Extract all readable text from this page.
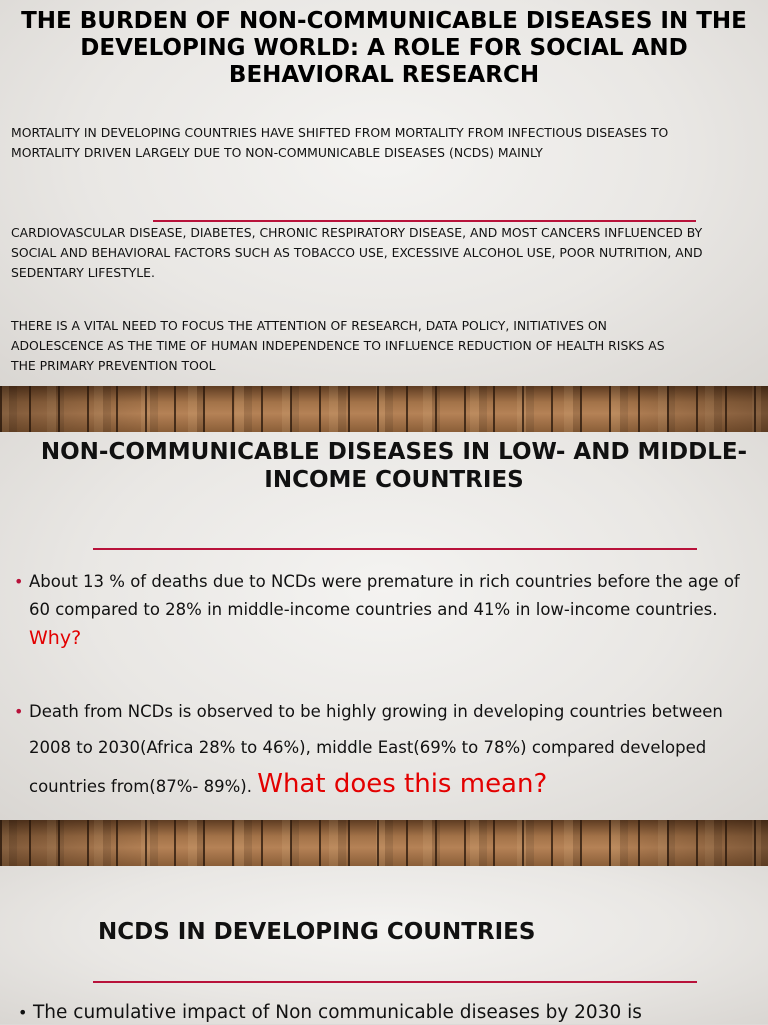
THE BURDEN OF NON-COMMUNICABLE DISEASES IN THE DEVELOPING WORLD: A ROLE FOR SOCIAL AND BEHAVIORAL RESEARCH

MORTALITY IN DEVELOPING COUNTRIES HAVE SHIFTED FROM MORTALITY FROM INFECTIOUS DISEASES TO MORTALITY DRIVEN LARGELY DUE TO NON-COMMUNICABLE DISEASES (NCDS) MAINLY

CARDIOVASCULAR DISEASE, DIABETES, CHRONIC RESPIRATORY DISEASE, AND MOST CANCERS INFLUENCED BY SOCIAL AND BEHAVIORAL FACTORS SUCH AS TOBACCO USE, EXCESSIVE ALCOHOL USE, POOR NUTRITION, AND SEDENTARY LIFESTYLE.

THERE IS A VITAL NEED TO FOCUS THE ATTENTION OF RESEARCH, DATA POLICY, INITIATIVES ON ADOLESCENCE AS THE TIME OF HUMAN INDEPENDENCE TO INFLUENCE REDUCTION OF HEALTH RISKS AS THE PRIMARY PREVENTION TOOL

NON-COMMUNICABLE DISEASES IN LOW- AND MIDDLE-INCOME COUNTRIES
• About 13 % of deaths due to NCDs were premature in rich countries before the age of 60 compared to 28% in middle-income countries and 41% in low-income countries. Why?
• Death from NCDs is observed to be highly growing in developing countries between 2008 to 2030(Africa 28% to 46%), middle East(69% to 78%) compared developed countries from(87%- 89%). What does this mean?
NCDS IN DEVELOPING COUNTRIES
• The cumulative impact of Non communicable diseases by 2030 is
